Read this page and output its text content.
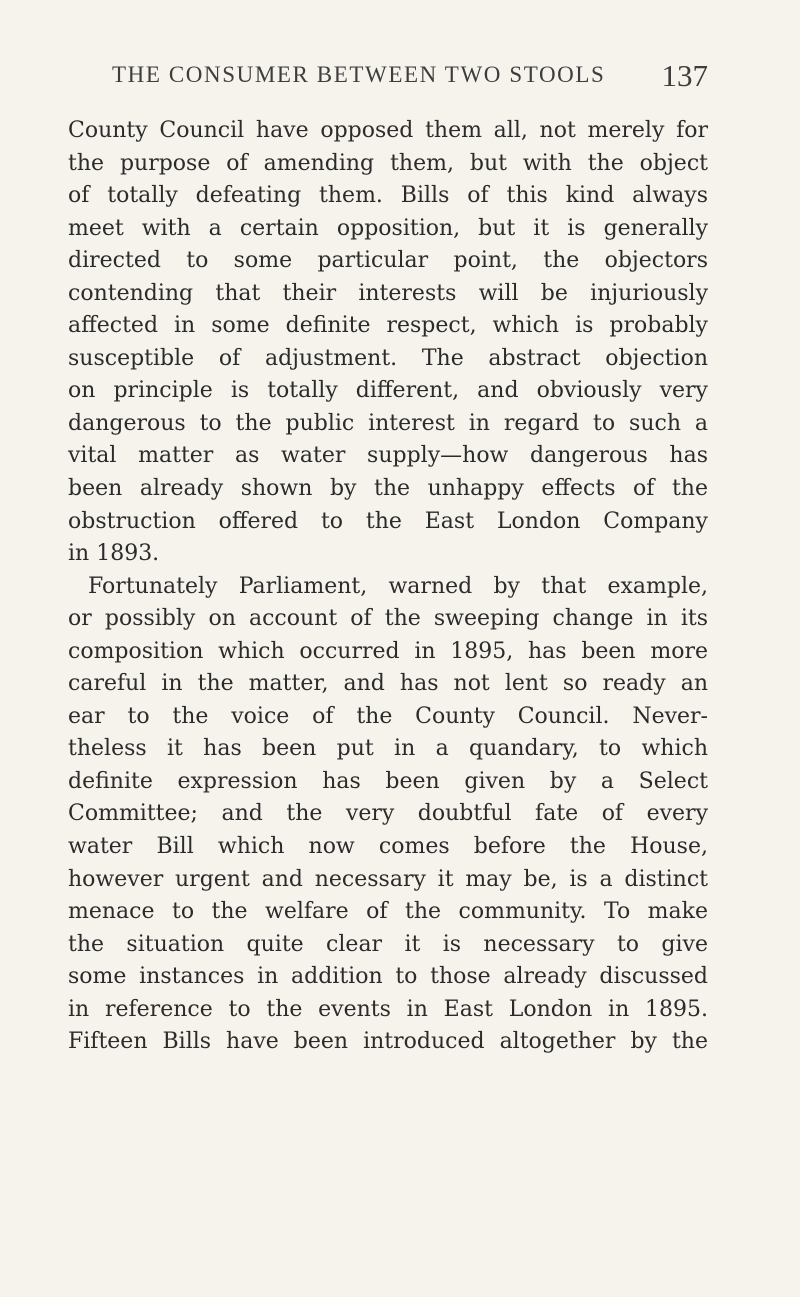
THE CONSUMER BETWEEN TWO STOOLS 137
County Council have opposed them all, not merely for
the purpose of amending them, but with the object
of totally defeating them. Bills of this kind always
meet with a certain opposition, but it is generally
directed to some particular point, the objectors
contending that their interests will be injuriously
affected in some definite respect, which is probably
susceptible of adjustment. The abstract objection
on principle is totally different, and obviously very
dangerous to the public interest in regard to such a
vital matter as water supply—how dangerous has
been already shown by the unhappy effects of the
obstruction offered to the East London Company
in 1893.
Fortunately Parliament, warned by that example,
or possibly on account of the sweeping change in its
composition which occurred in 1895, has been more
careful in the matter, and has not lent so ready an
ear to the voice of the County Council. Never-
theless it has been put in a quandary, to which
definite expression has been given by a Select
Committee; and the very doubtful fate of every
water Bill which now comes before the House,
however urgent and necessary it may be, is a distinct
menace to the welfare of the community. To make
the situation quite clear it is necessary to give
some instances in addition to those already discussed
in reference to the events in East London in 1895.
Fifteen Bills have been introduced altogether by the
